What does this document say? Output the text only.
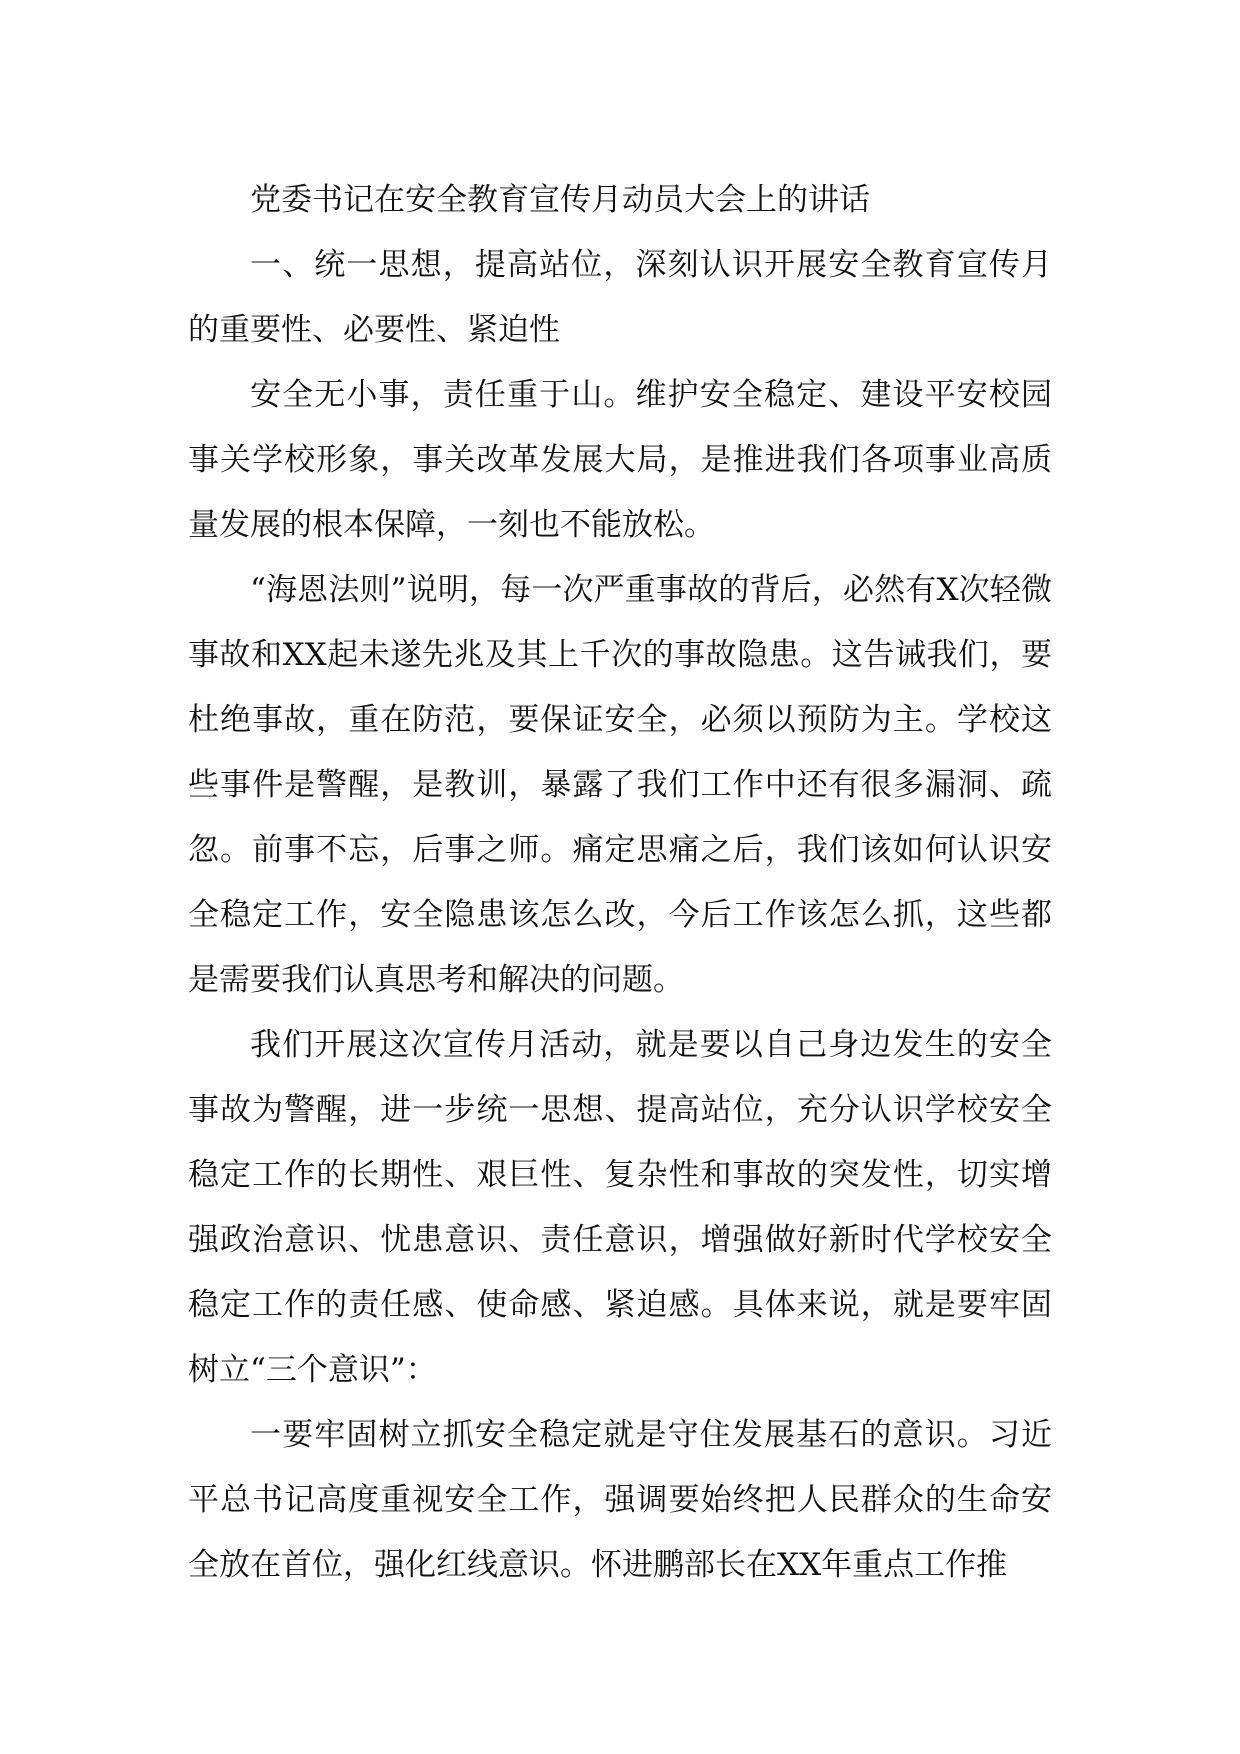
党委书记在安全教育宣传月动员大会上的讲话

一、统一思想，提高站位，深刻认识开展安全教育宣传月的重要性、必要性、紧迫性

安全无小事，责任重于山。维护安全稳定、建设平安校园事关学校形象，事关改革发展大局，是推进我们各项事业高质量发展的根本保障，一刻也不能放松。

“海恩法则”说明，每一次严重事故的背后，必然有X次轻微事故和XX起未遂先兆及其上千次的事故隐患。这告诫我们，要杜绝事故，重在防范，要保证安全，必须以预防为主。学校这些事件是警醒，是教训，暴露了我们工作中还有很多漏洞、疏忽。前事不忘，后事之师。痛定思痛之后，我们该如何认识安全稳定工作，安全隐患该怎么改，今后工作该怎么抓，这些都是需要我们认真思考和解决的问题。

我们开展这次宣传月活动，就是要以自己身边发生的安全事故为警醒，进一步统一思想、提高站位，充分认识学校安全稳定工作的长期性、艰巨性、复杂性和事故的突发性，切实增强政治意识、忧患意识、责任意识，增强做好新时代学校安全稳定工作的责任感、使命感、紧迫感。具体来说，就是要牢固树立“三个意识”：

一要牢固树立抓安全稳定就是守住发展基石的意识。习近平总书记高度重视安全工作，强调要始终把人民群众的生命安全放在首位，强化红线意识。怀进鹏部长在XX年重点工作推
